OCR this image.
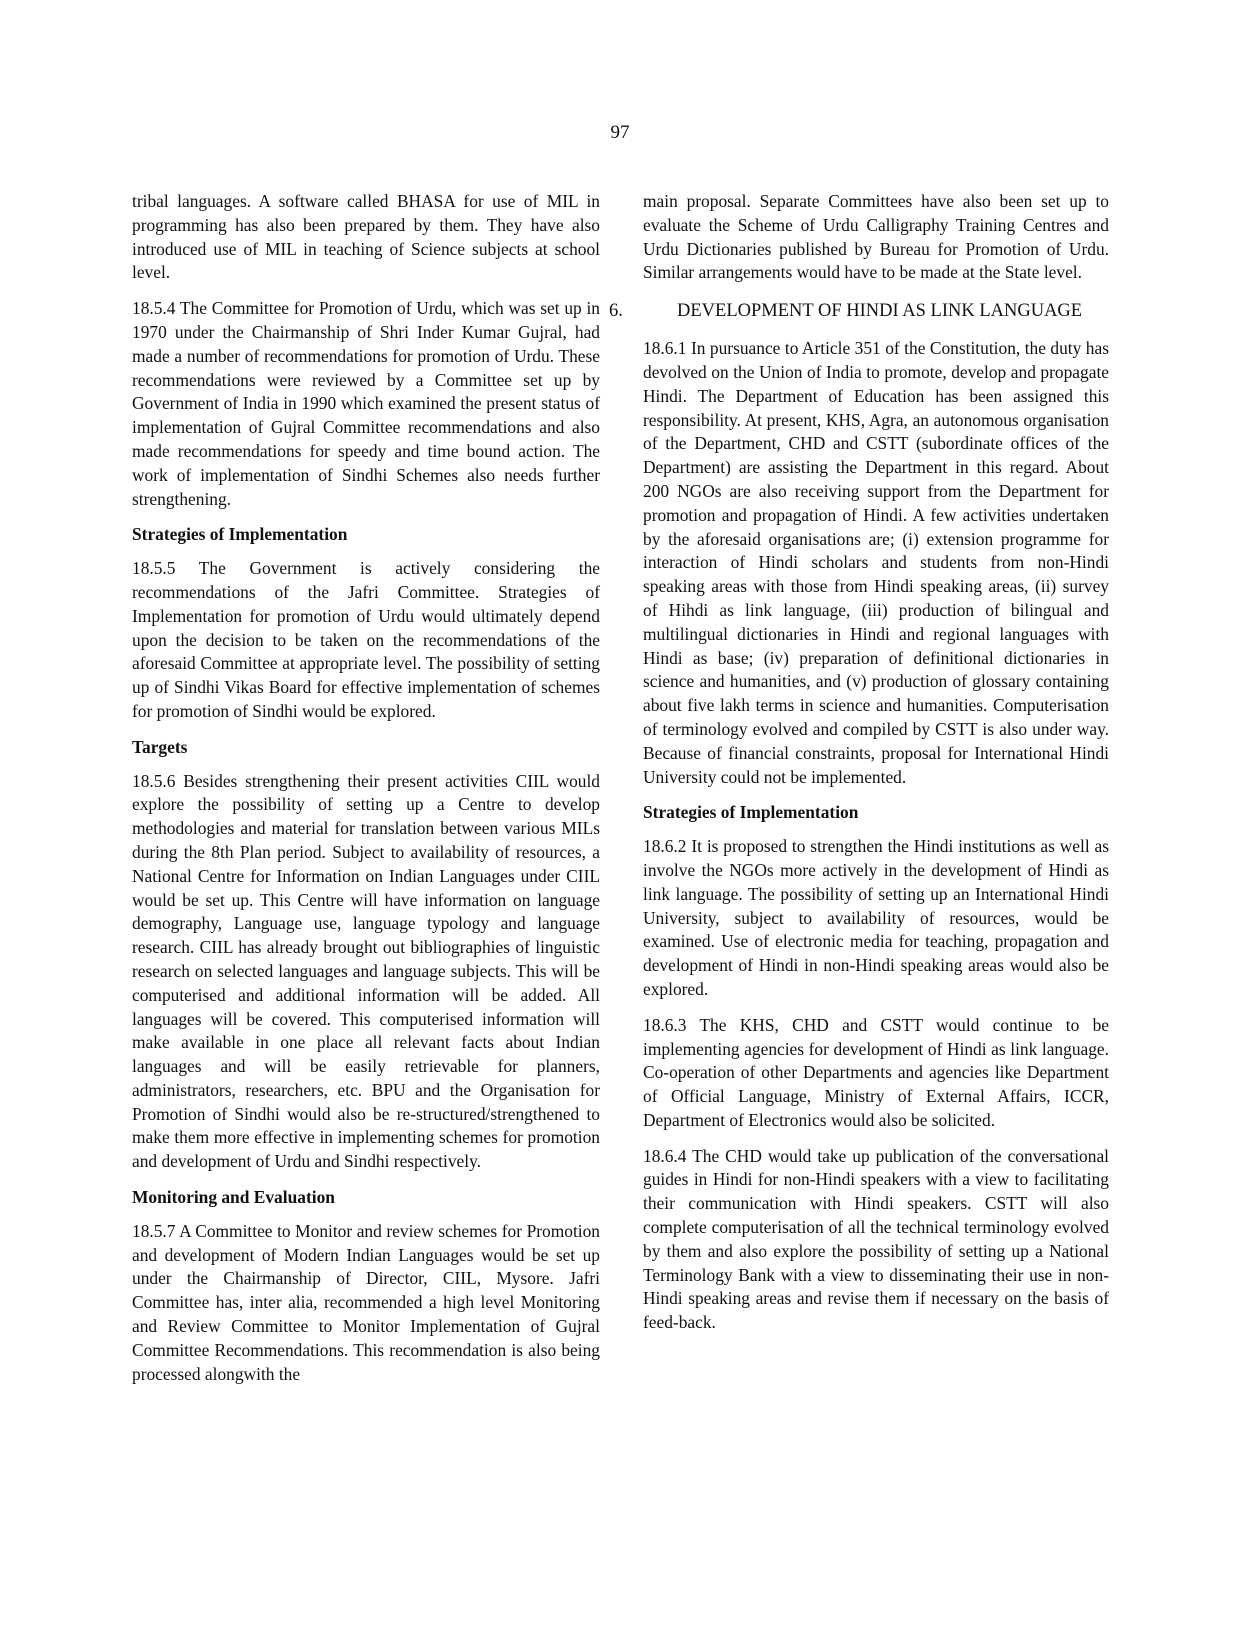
97

tribal languages. A software called BHASA for use of MIL in programming has also been prepared by them. They have also introduced use of MIL in teaching of Science subjects at school level.

18.5.4 The Committee for Promotion of Urdu, which was set up in 1970 under the Chairmanship of Shri Inder Kumar Gujral, had made a number of recommendations for promotion of Urdu. These recommendations were reviewed by a Committee set up by Government of India in 1990 which examined the present status of implementation of Gujral Committee recommendations and also made recommendations for speedy and time bound action. The work of implementation of Sindhi Schemes also needs further strengthening.

Strategies of Implementation

18.5.5 The Government is actively considering the recommendations of the Jafri Committee. Strategies of Implementation for promotion of Urdu would ultimately depend upon the decision to be taken on the recommendations of the aforesaid Committee at appropriate level. The possibility of setting up of Sindhi Vikas Board for effective implementation of schemes for promotion of Sindhi would be explored.

Targets

18.5.6 Besides strengthening their present activities CIIL would explore the possibility of setting up a Centre to develop methodologies and material for translation between various MILs during the 8th Plan period. Subject to availability of resources, a National Centre for Information on Indian Languages under CIIL would be set up. This Centre will have information on language demography, Language use, language typology and language research. CIIL has already brought out bibliographies of linguistic research on selected languages and language subjects. This will be computerised and additional information will be added. All languages will be covered. This computerised information will make available in one place all relevant facts about Indian languages and will be easily retrievable for planners, administrators, researchers, etc. BPU and the Organisation for Promotion of Sindhi would also be re-structured/strengthened to make them more effective in implementing schemes for promotion and development of Urdu and Sindhi respectively.

Monitoring and Evaluation

18.5.7 A Committee to Monitor and review schemes for Promotion and development of Modern Indian Languages would be set up under the Chairmanship of Director, CIIL, Mysore. Jafri Committee has, inter alia, recommended a high level Monitoring and Review Committee to Monitor Implementation of Gujral Committee Recommendations. This recommendation is also being processed alongwith the

main proposal. Separate Committees have also been set up to evaluate the Scheme of Urdu Calligraphy Training Centres and Urdu Dictionaries published by Bureau for Promotion of Urdu. Similar arrangements would have to be made at the State level.

6.	DEVELOPMENT OF HINDI AS LINK LANGUAGE

18.6.1 In pursuance to Article 351 of the Constitution, the duty has devolved on the Union of India to promote, develop and propagate Hindi. The Department of Education has been assigned this responsibility. At present, KHS, Agra, an autonomous organisation of the Department, CHD and CSTT (subordinate offices of the Department) are assisting the Department in this regard. About 200 NGOs are also receiving support from the Department for promotion and propagation of Hindi. A few activities undertaken by the aforesaid organisations are; (i) extension programme for interaction of Hindi scholars and students from non-Hindi speaking areas with those from Hindi speaking areas, (ii) survey of Hihdi as link language, (iii) production of bilingual and multilingual dictionaries in Hindi and regional languages with Hindi as base; (iv) preparation of definitional dictionaries in science and humanities, and (v) production of glossary containing about five lakh terms in science and humanities. Computerisation of terminology evolved and compiled by CSTT is also under way. Because of financial constraints, proposal for International Hindi University could not be implemented.

Strategies of Implementation

18.6.2 It is proposed to strengthen the Hindi institutions as well as involve the NGOs more actively in the development of Hindi as link language. The possibility of setting up an International Hindi University, subject to availability of resources, would be examined. Use of electronic media for teaching, propagation and development of Hindi in non-Hindi speaking areas would also be explored.

18.6.3 The KHS, CHD and CSTT would continue to be implementing agencies for development of Hindi as link language. Co-operation of other Departments and agencies like Department of Official Language, Ministry of External Affairs, ICCR, Department of Electronics would also be solicited.

18.6.4 The CHD would take up publication of the conversational guides in Hindi for non-Hindi speakers with a view to facilitating their communication with Hindi speakers. CSTT will also complete computerisation of all the technical terminology evolved by them and also explore the possibility of setting up a National Terminology Bank with a view to disseminating their use in non-Hindi speaking areas and revise them if necessary on the basis of feed-back.
